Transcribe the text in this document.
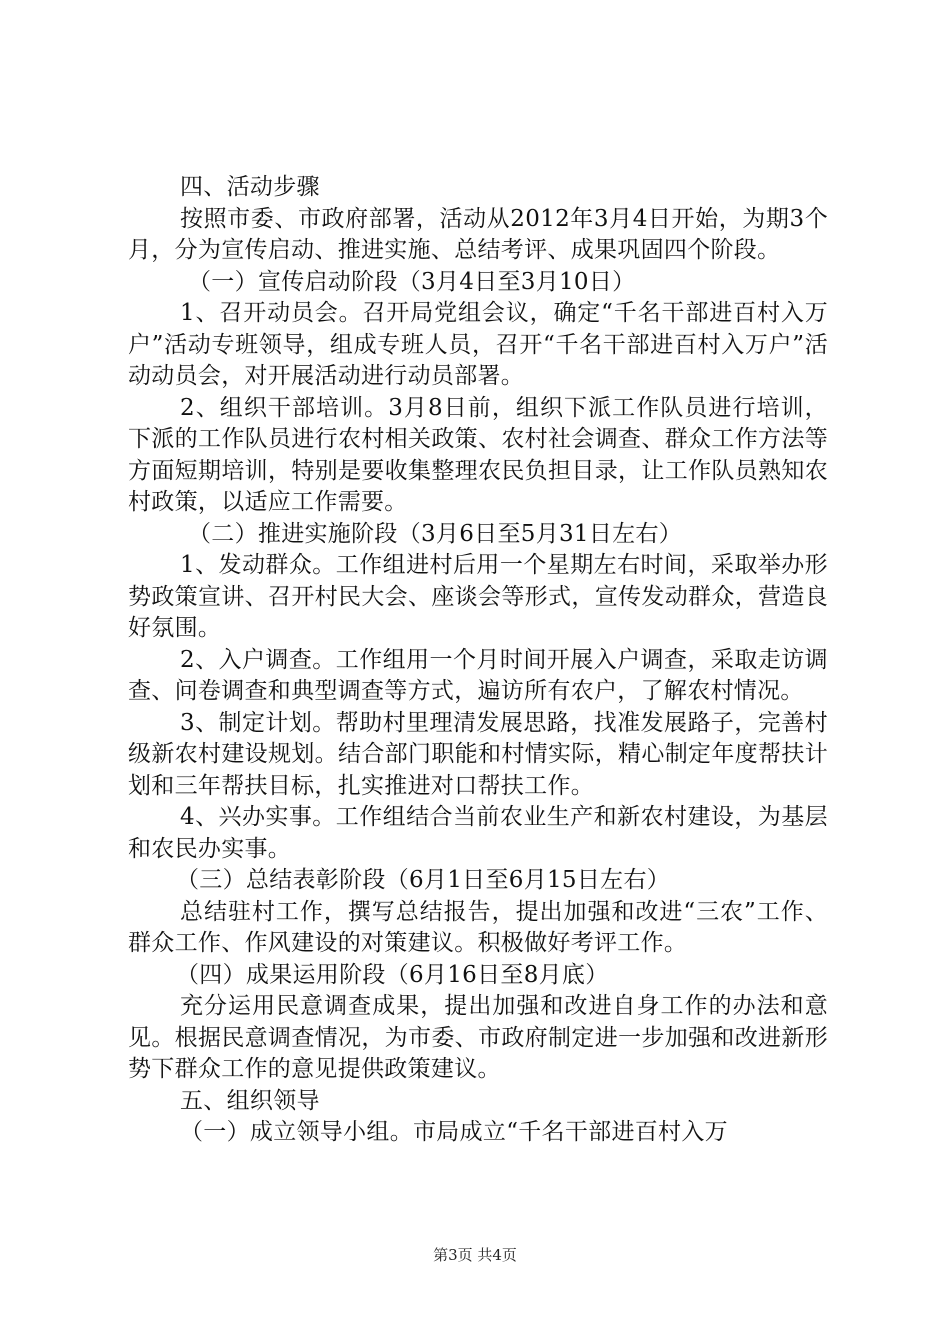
四、活动步骤

按照市委、市政府部署，活动从2012年3月4日开始，为期3个月，分为宣传启动、推进实施、总结考评、成果巩固四个阶段。

（一）宣传启动阶段（3月4日至3月10日）

1、召开动员会。召开局党组会议，确定“千名干部进百村入万户”活动专班领导，组成专班人员，召开“千名干部进百村入万户”活动动员会，对开展活动进行动员部署。

2、组织干部培训。3月8日前，组织下派工作队员进行培训，下派的工作队员进行农村相关政策、农村社会调查、群众工作方法等方面短期培训，特别是要收集整理农民负担目录，让工作队员熟知农村政策，以适应工作需要。

（二）推进实施阶段（3月6日至5月31日左右）

1、发动群众。工作组进村后用一个星期左右时间，采取举办形势政策宣讲、召开村民大会、座谈会等形式，宣传发动群众，营造良好氛围。

2、入户调查。工作组用一个月时间开展入户调查，采取走访调查、问卷调查和典型调查等方式，遍访所有农户，了解农村情况。

3、制定计划。帮助村里理清发展思路，找准发展路子，完善村级新农村建设规划。结合部门职能和村情实际，精心制定年度帮扶计划和三年帮扶目标，扎实推进对口帮扶工作。

4、兴办实事。工作组结合当前农业生产和新农村建设，为基层和农民办实事。

（三）总结表彰阶段（6月1日至6月15日左右）

总结驻村工作，撰写总结报告，提出加强和改进“三农”工作、群众工作、作风建设的对策建议。积极做好考评工作。

（四）成果运用阶段（6月16日至8月底）

充分运用民意调查成果，提出加强和改进自身工作的办法和意见。根据民意调查情况，为市委、市政府制定进一步加强和改进新形势下群众工作的意见提供政策建议。

五、组织领导

（一）成立领导小组。市局成立“千名干部进百村入万

第3页 共4页
